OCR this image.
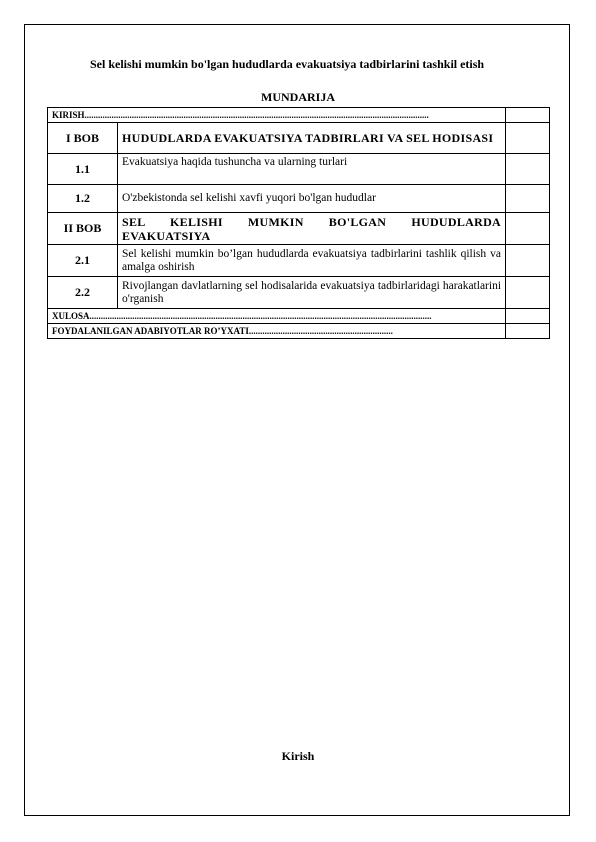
Sel kelishi mumkin bo'lgan hududlarda evakuatsiya tadbirlarini tashkil etish
MUNDARIJA
KIRISH.........................................................................................................................................................		
I BOB	HUDUDLARDA EVAKUATSIYA TADBIRLARI VA SEL HODISASI	
1.1	Evakuatsiya haqida tushuncha va ularning turlari	
1.2	O'zbekistonda sel kelishi xavfi yuqori bo'lgan hududlar	
II BOB	SEL KELISHI MUMKIN BO'LGAN HUDUDLARDA EVAKUATSIYA	
2.1	Sel kelishi mumkin bo’lgan hududlarda evakuatsiya tadbirlarini tashlik qilish va amalga oshirish	
2.2	Rivojlangan davlatlarning sel hodisalarida evakuatsiya tadbirlaridagi harakatlarini o'rganish	
XULOSA........................................................................................................................................................		
FOYDALANILGAN ADABIYOTLAR RO’YXATI................................................................		
Kirish
